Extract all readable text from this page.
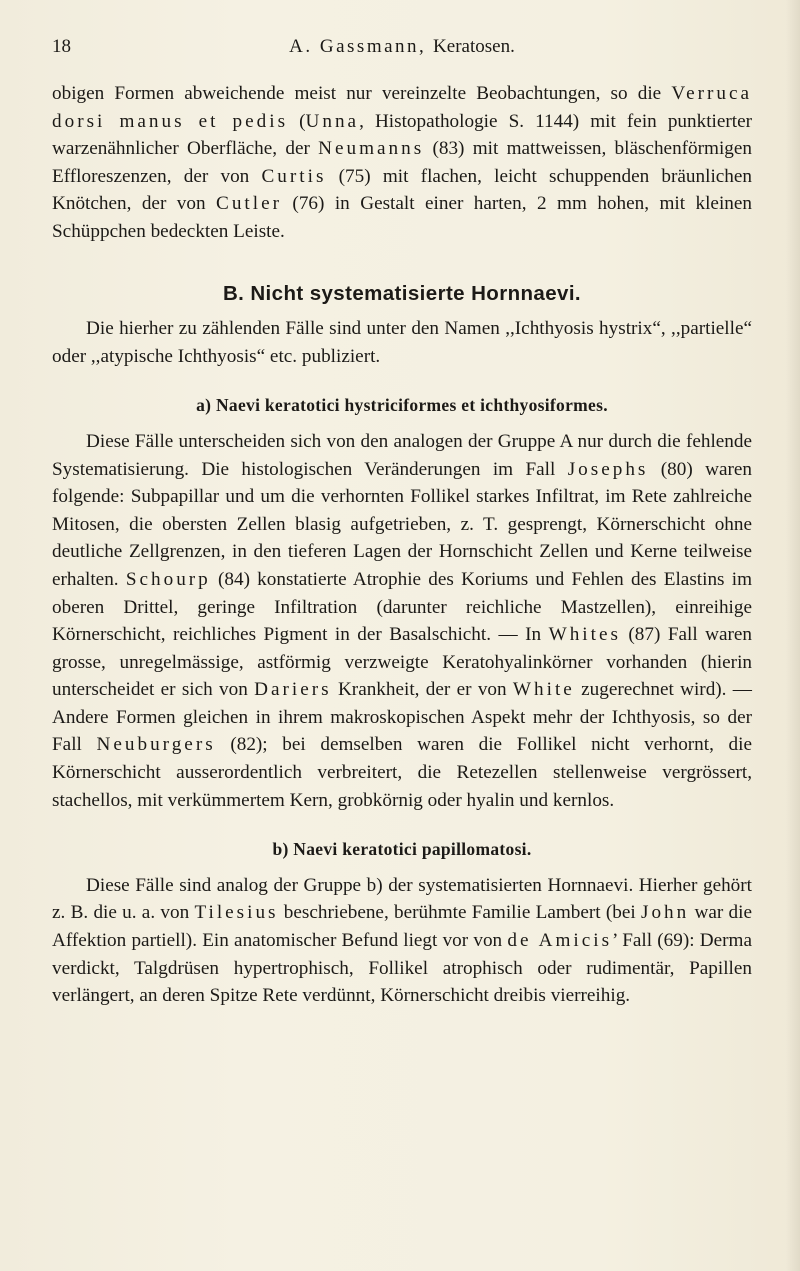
18	A. Gassmann, Keratosen.

obigen Formen abweichende meist nur vereinzelte Beobachtungen, so die Verruca dorsi manus et pedis (Unna, Histopathologie S. 1144) mit fein punktierter warzenähnlicher Oberfläche, der Neumanns (83) mit mattweissen, bläschenförmigen Effloreszenzen, der von Curtis (75) mit flachen, leicht schuppenden bräunlichen Knötchen, der von Cutler (76) in Gestalt einer harten, 2 mm hohen, mit kleinen Schüppchen bedeckten Leiste.

B. Nicht systematisierte Hornnaevi.

Die hierher zu zählenden Fälle sind unter den Namen ,,Ichthyosis hystrix“, ,,partielle“ oder ,,atypische Ichthyosis“ etc. publiziert.

a) Naevi keratotici hystriciformes et ichthyosiformes.

Diese Fälle unterscheiden sich von den analogen der Gruppe A nur durch die fehlende Systematisierung. Die histologischen Veränderungen im Fall Josephs (80) waren folgende: Subpapillar und um die verhornten Follikel starkes Infiltrat, im Rete zahlreiche Mitosen, die obersten Zellen blasig aufgetrieben, z. T. gesprengt, Körnerschicht ohne deutliche Zellgrenzen, in den tieferen Lagen der Hornschicht Zellen und Kerne teilweise erhalten. Schourp (84) konstatierte Atrophie des Koriums und Fehlen des Elastins im oberen Drittel, geringe Infiltration (darunter reichliche Mastzellen), einreihige Körnerschicht, reichliches Pigment in der Basalschicht. — In Whites (87) Fall waren grosse, unregelmässige, astförmig verzweigte Keratohyalinkörner vorhanden (hierin unterscheidet er sich von Dariers Krankheit, der er von White zugerechnet wird). — Andere Formen gleichen in ihrem makroskopischen Aspekt mehr der Ichthyosis, so der Fall Neuburgers (82); bei demselben waren die Follikel nicht verhornt, die Körnerschicht ausserordentlich verbreitert, die Retezellen stellenweise vergrössert, stachellos, mit verkümmertem Kern, grobkörnig oder hyalin und kernlos.

b) Naevi keratotici papillomatosi.

Diese Fälle sind analog der Gruppe b) der systematisierten Hornnaevi. Hierher gehört z. B. die u. a. von Tilesius beschriebene, berühmte Familie Lambert (bei John war die Affektion partiell). Ein anatomischer Befund liegt vor von de Amicis’ Fall (69): Derma verdickt, Talgdrüsen hypertrophisch, Follikel atrophisch oder rudimentär, Papillen verlängert, an deren Spitze Rete verdünnt, Körnerschicht dreibis vierreihig.
